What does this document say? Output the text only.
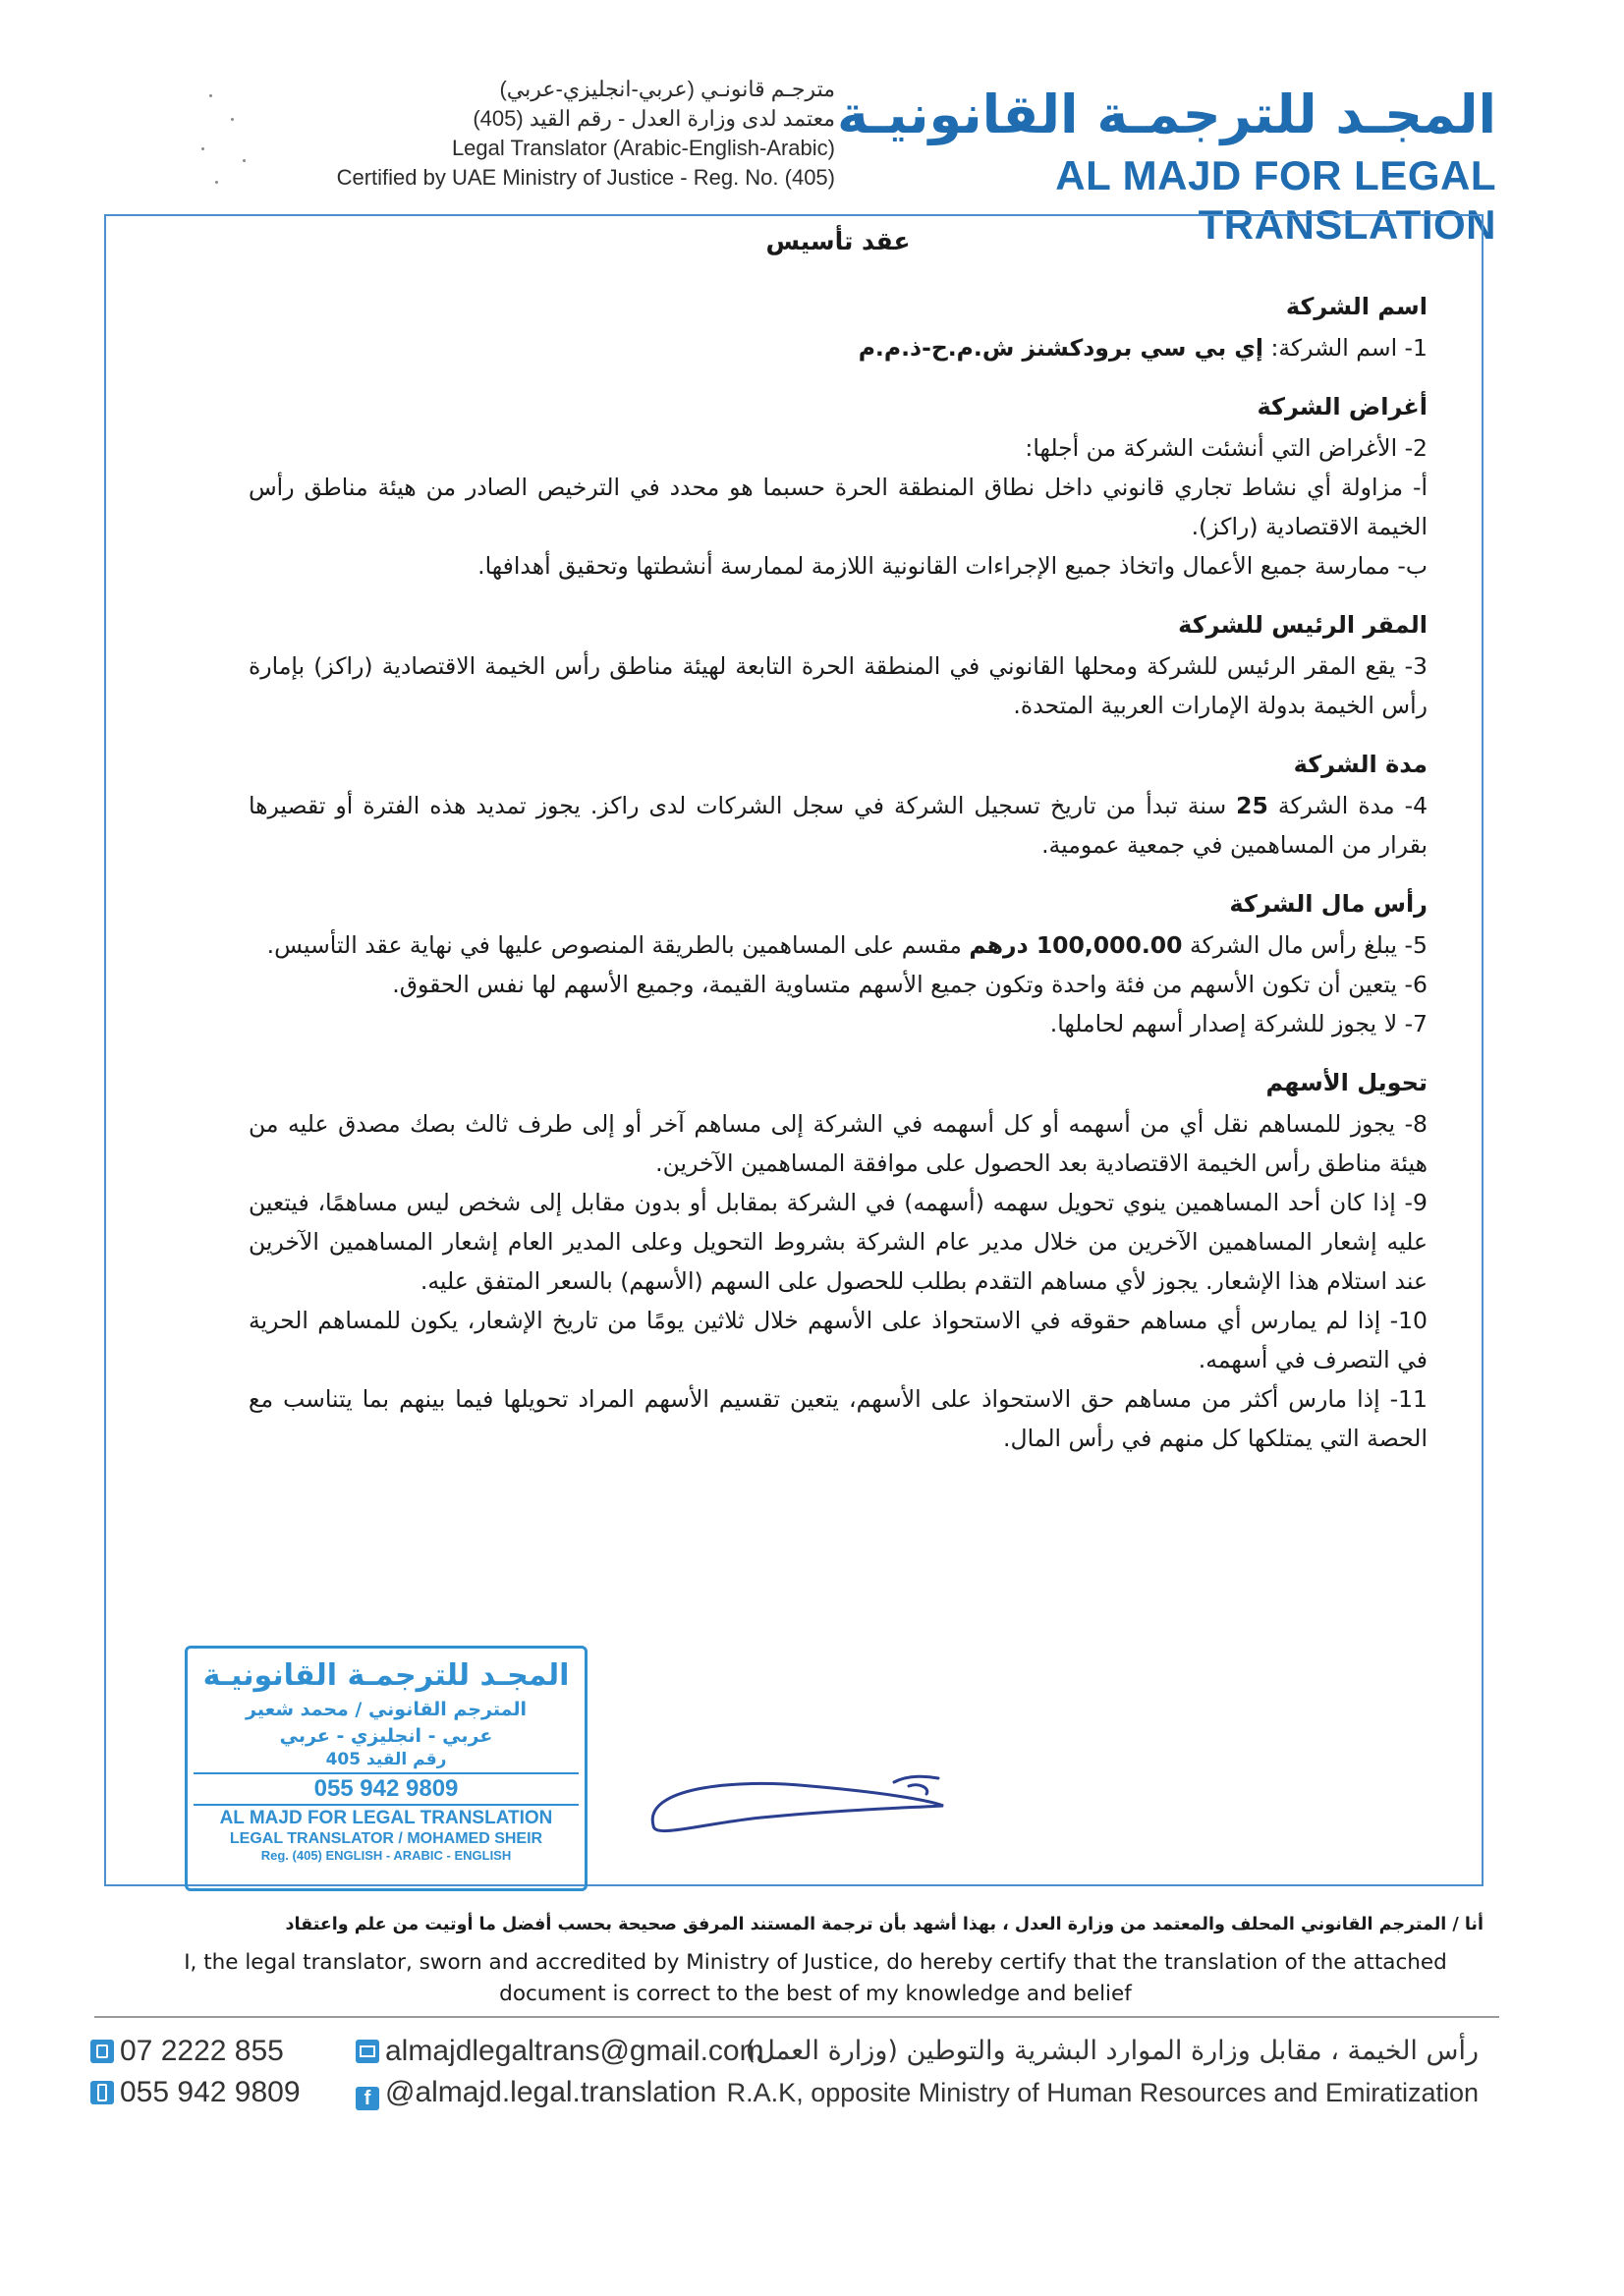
مترجـم قانونـي (عربي-انجليزي-عربي)
معتمد لدى وزارة العدل - رقم القيد (405)
Legal Translator (Arabic-English-Arabic)
Certified by UAE Ministry of Justice - Reg. No. (405)
المجـد للترجمـة القانونيـة
AL MAJD FOR LEGAL TRANSLATION
عقد تأسيس
اسم الشركة

1- اسم الشركة: إي بي سي برودكشنز ش.م.ح-ذ.م.م

أغراض الشركة

2- الأغراض التي أنشئت الشركة من أجلها:

أ- مزاولة أي نشاط تجاري قانوني داخل نطاق المنطقة الحرة حسبما هو محدد في الترخيص الصادر من هيئة مناطق رأس الخيمة الاقتصادية (راكز).

ب- ممارسة جميع الأعمال واتخاذ جميع الإجراءات القانونية اللازمة لممارسة أنشطتها وتحقيق أهدافها.

المقر الرئيس للشركة

3- يقع المقر الرئيس للشركة ومحلها القانوني في المنطقة الحرة التابعة لهيئة مناطق رأس الخيمة الاقتصادية (راكز) بإمارة رأس الخيمة بدولة الإمارات العربية المتحدة.

مدة الشركة

4- مدة الشركة 25 سنة تبدأ من تاريخ تسجيل الشركة في سجل الشركات لدى راكز. يجوز تمديد هذه الفترة أو تقصيرها بقرار من المساهمين في جمعية عمومية.

رأس مال الشركة

5- يبلغ رأس مال الشركة 100,000.00 درهم مقسم على المساهمين بالطريقة المنصوص عليها في نهاية عقد التأسيس.

6- يتعين أن تكون الأسهم من فئة واحدة وتكون جميع الأسهم متساوية القيمة، وجميع الأسهم لها نفس الحقوق.

7- لا يجوز للشركة إصدار أسهم لحاملها.

تحويل الأسهم

8- يجوز للمساهم نقل أي من أسهمه أو كل أسهمه في الشركة إلى مساهم آخر أو إلى طرف ثالث بصك مصدق عليه من هيئة مناطق رأس الخيمة الاقتصادية بعد الحصول على موافقة المساهمين الآخرين.

9- إذا كان أحد المساهمين ينوي تحويل سهمه (أسهمه) في الشركة بمقابل أو بدون مقابل إلى شخص ليس مساهمًا، فيتعين عليه إشعار المساهمين الآخرين من خلال مدير عام الشركة بشروط التحويل وعلى المدير العام إشعار المساهمين الآخرين عند استلام هذا الإشعار. يجوز لأي مساهم التقدم بطلب للحصول على السهم (الأسهم) بالسعر المتفق عليه.

10- إذا لم يمارس أي مساهم حقوقه في الاستحواذ على الأسهم خلال ثلاثين يومًا من تاريخ الإشعار، يكون للمساهم الحرية في التصرف في أسهمه.

11- إذا مارس أكثر من مساهم حق الاستحواذ على الأسهم، يتعين تقسيم الأسهم المراد تحويلها فيما بينهم بما يتناسب مع الحصة التي يمتلكها كل منهم في رأس المال.

المجـد للترجمـة القانونيـة
المترجم القانوني / محمد شعير
عربي - انجليزي - عربي
رقم القيد 405
055 942 9809
AL MAJD FOR LEGAL TRANSLATION
LEGAL TRANSLATOR / MOHAMED SHEIR
Reg. (405) ENGLISH - ARABIC - ENGLISH
أنا / المترجم القانوني المحلف والمعتمد من وزارة العدل ، بهذا أشهد بأن ترجمة المستند المرفق صحيحة بحسب أفضل ما أوتيت من علم واعتقاد
I, the legal translator, sworn and accredited by Ministry of Justice, do hereby certify that the translation of the attached
document is correct to the best of my knowledge and belief
07 2222 855
055 942 9809
almajdlegaltrans@gmail.com
f @almajd.legal.translation
رأس الخيمة ، مقابل وزارة الموارد البشرية والتوطين (وزارة العمل)
R.A.K, opposite Ministry of Human Resources and Emiratization
